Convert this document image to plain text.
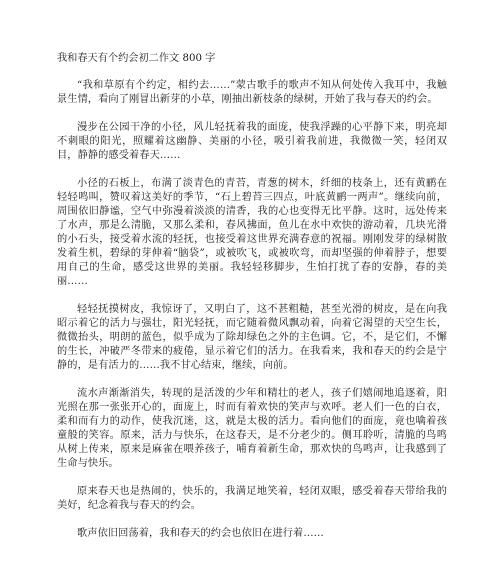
我和春天有个约会初二作文 800 字

“我和草原有个约定，相约去……”蒙古歌手的歌声不知从何处传入我耳中，我触景生情，看向了刚冒出新芽的小草，刚抽出新枝条的绿树，开始了我与春天的约会。

漫步在公园干净的小径，风儿轻抚着我的面庞，使我浮躁的心平静下来，明亮却不刺眼的阳光，照耀着这幽静、美丽的小径，吸引着我前进，我微微一笑，轻闭双目，静静的感受着春天……

小径的石板上，布满了淡青色的青苔，青葱的树木，纤细的枝条上，还有黄鹂在轻轻鸣叫，赞叹着这美好的季节，“石上碧苔三四点，叶底黄鹂一两声”。继续向前，周围依旧静谧，空气中弥漫着淡淡的清香，我的心也变得无比平静。这时，远处传来了水声，那是么清脆，又那么柔和，春风拂面，鱼儿在水中欢快的游动着，几块光滑的小石头，接受着水流的轻抚，也接受着这世界充满春意的祝福。刚刚发芽的绿树散发着生机，碧绿的芽伸着“脑袋”，或被吹飞，或被吹弯，而却坚强的伸着脖子，想要用自己的生命，感受这世界的美丽。我轻轻移脚步，生怕打扰了春的安静，春的美丽……

轻轻抚摸树皮，我惊讶了，又明白了，这不甚粗糙，甚至光滑的树皮，是在向我昭示着它的活力与强壮，阳光轻抚，而它随着微风飘动着，向着它渴望的天空生长，微微抬头，明朗的蓝色，似乎成为了除却绿色之外的主色调。它，不，是它们，不懈的生长，冲破严冬带来的疲倦，显示着它们的活力。在我看来，我和春天的约会是宁静的，是有活力的……我不甘心结束，继续，向前。

流水声渐渐消失，转现的是活泼的少年和精壮的老人，孩子们嬉闹地追逐着，阳光照在那一张张开心的，面庞上，时而有着欢快的笑声与欢呼。老人们一色的白衣，柔和而有力的动作，使我沉迷，这，就是太极的活力。看向他们的面庞，竟也噙着孩童般的笑容。原来，活力与快乐，在这春天，是不分老少的。侧耳聆听，清脆的鸟鸣从树上传来，原来是麻雀在喂养孩子，哺育着新生命，那欢快的鸟鸣声，让我感到了生命与快乐。

原来春天也是热闹的，快乐的，我满足地笑着，轻闭双眼，感受着春天带给我的美好，纪念着我与春天的约会。

歌声依旧回荡着，我和春天的约会也依旧在进行着……
